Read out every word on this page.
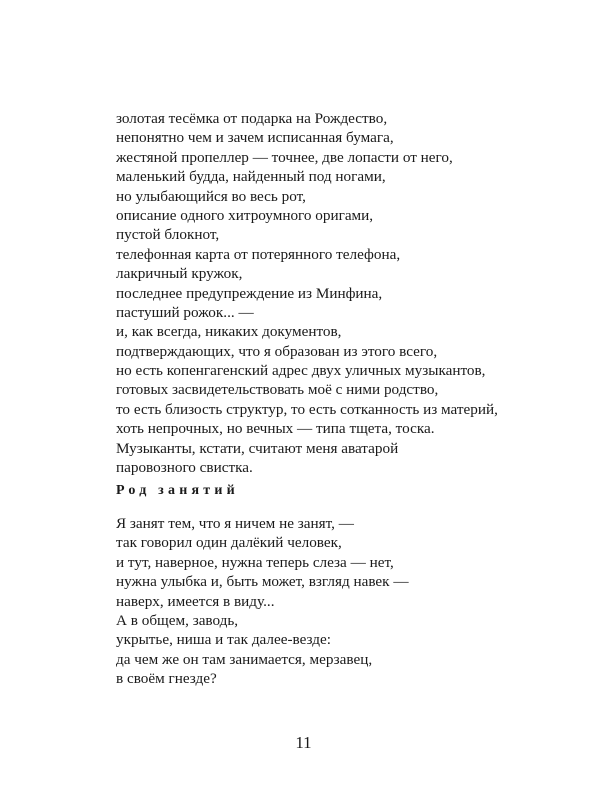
золотая тесёмка от подарка на Рождество,
непонятно чем и зачем исписанная бумага,
жестяной пропеллер — точнее, две лопасти от него,
маленький будда, найденный под ногами,
но улыбающийся во весь рот,
описание одного хитроумного оригами,
пустой блокнот,
телефонная карта от потерянного телефона,
лакричный кружок,
последнее предупреждение из Минфина,
пастуший рожок... —
и, как всегда, никаких документов,
подтверждающих, что я образован из этого всего,
но есть копенгагенский адрес двух уличных музыкантов,
готовых засвидетельствовать моё с ними родство,
то есть близость структур, то есть сотканность из материй,
хоть непрочных, но вечных — типа тщета, тоска.
Музыканты, кстати, считают меня аватарой
паровозного свистка.
Род занятий
Я занят тем, что я ничем не занят, —
так говорил один далёкий человек,
и тут, наверное, нужна теперь слеза — нет,
нужна улыбка и, быть может, взгляд навек —
наверх, имеется в виду...
А в общем, заводь,
укрытье, ниша и так далее-везде:
да чем же он там занимается, мерзавец,
в своём гнезде?
11
